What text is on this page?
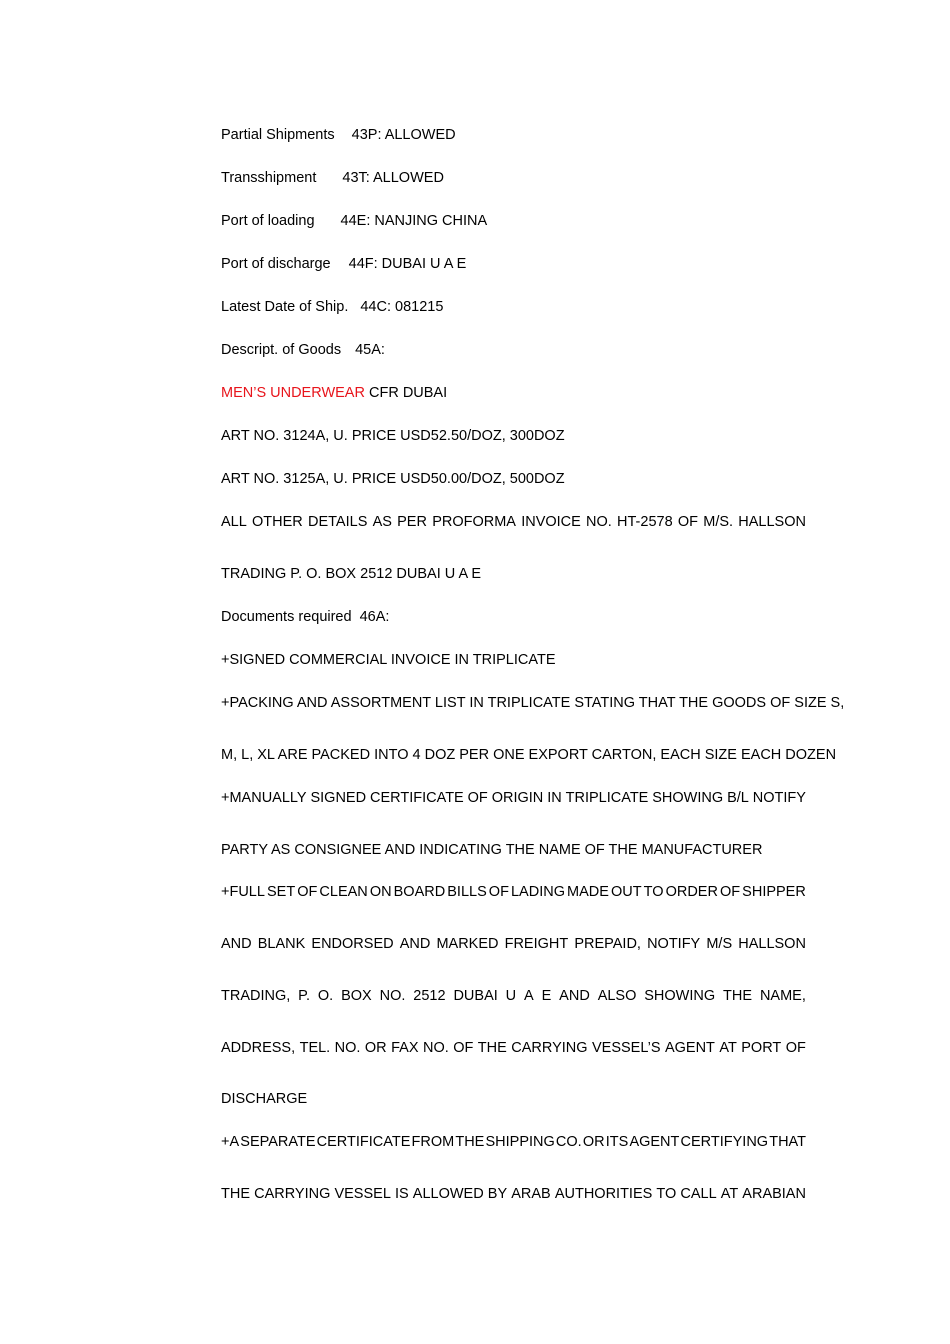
Partial Shipments 43P: ALLOWED
Transshipment 43T: ALLOWED
Port of loading 44E: NANJING CHINA
Port of discharge 44F: DUBAI U A E
Latest Date of Ship. 44C: 081215
Descript. of Goods 45A:
MEN’S UNDERWEAR CFR DUBAI
ART NO. 3124A, U. PRICE USD52.50/DOZ, 300DOZ
ART NO. 3125A, U. PRICE USD50.00/DOZ, 500DOZ
ALL OTHER DETAILS AS PER PROFORMA INVOICE NO. HT-2578 OF M/S. HALLSON
TRADING P. O. BOX 2512 DUBAI U A E
Documents required 46A:
+SIGNED COMMERCIAL INVOICE IN TRIPLICATE
+PACKING AND ASSORTMENT LIST IN TRIPLICATE STATING THAT THE GOODS OF SIZE S,
M, L, XL ARE PACKED INTO 4 DOZ PER ONE EXPORT CARTON, EACH SIZE EACH DOZEN
+MANUALLY SIGNED CERTIFICATE OF ORIGIN IN TRIPLICATE SHOWING B/L NOTIFY
PARTY AS CONSIGNEE AND INDICATING THE NAME OF THE MANUFACTURER
+FULL SET OF CLEAN ON BOARD BILLS OF LADING MADE OUT TO ORDER OF SHIPPER
AND BLANK ENDORSED AND MARKED FREIGHT PREPAID, NOTIFY M/S HALLSON
TRADING, P. O. BOX NO. 2512 DUBAI U A E AND ALSO SHOWING THE NAME,
ADDRESS, TEL. NO. OR FAX NO. OF THE CARRYING VESSEL’S AGENT AT PORT OF
DISCHARGE
+A SEPARATE CERTIFICATE FROM THE SHIPPING CO. OR ITS AGENT CERTIFYING THAT
THE CARRYING VESSEL IS ALLOWED BY ARAB AUTHORITIES TO CALL AT ARABIAN
